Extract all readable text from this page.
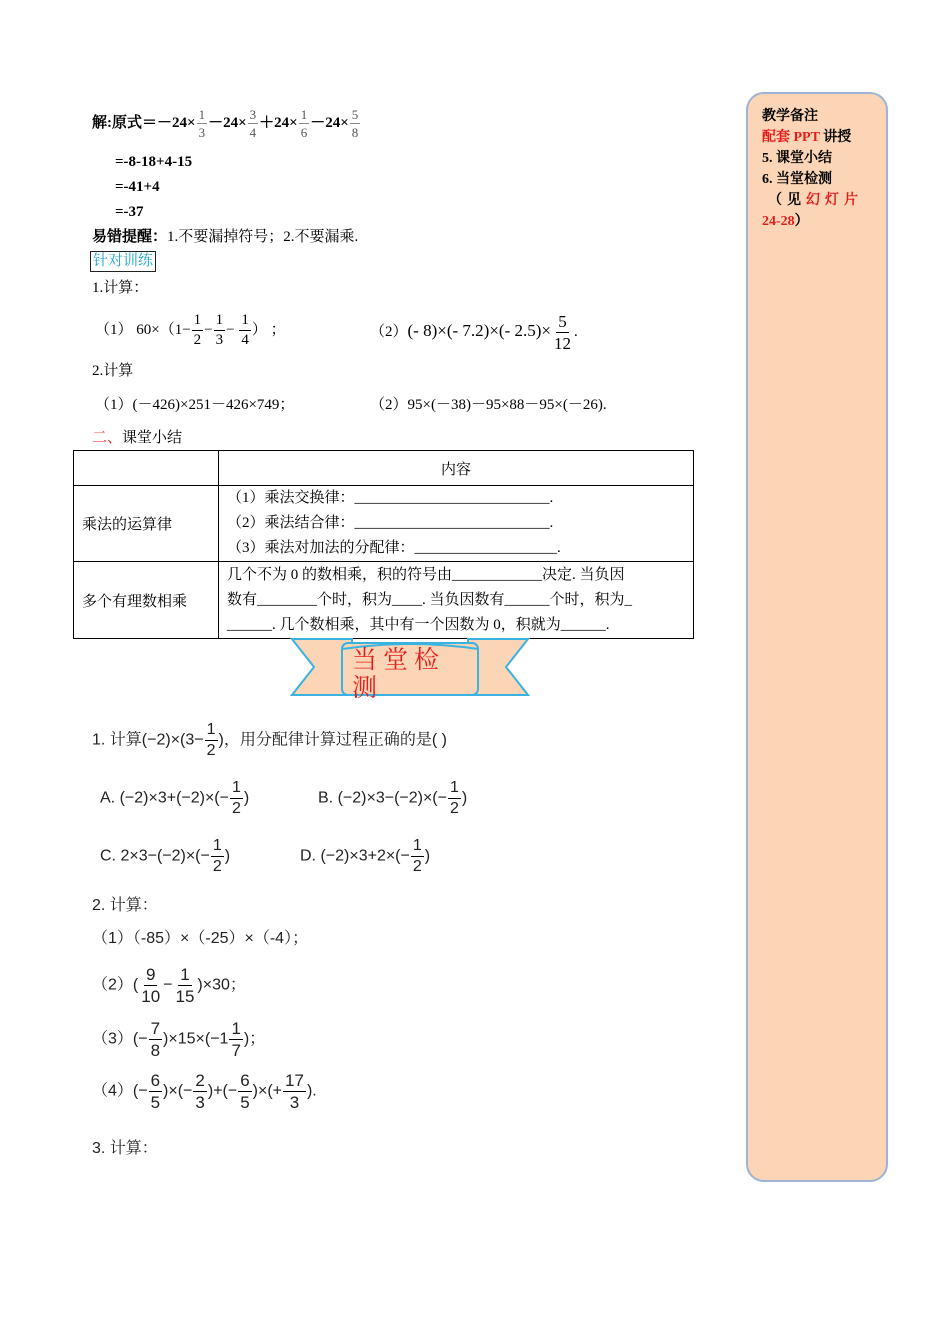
解:原式$=-24\times \frac{1}{3} -24\times \frac{3}{4} +24\times \frac{1}{6} -24\times \frac{5}{8}$
=-8-18+4-15
=-41+4
=-37
易错提醒：1.不要漏掉符号；2.不要漏乘.
针对训练
1.计算：
（1） $60\times(1- \frac{1}{2} - \frac{1}{3} - \frac{1}{4}$ ） ；	（2）(- 8)×(- 7.2)×(- $2.5)\times \frac{5}{12}$ .
2.计算
（1）(－426)×251－426×749；	（2）95×(－38)－95×88－95×(－26).
二、课堂小结
	内容
乘法的运算律	（1）乘法交换律：__________________________.
（2）乘法结合律：__________________________.
（3）乘法对加法的分配律：___________________.

多个有理数相乘	几个不为 0 的数相乘，积的符号由____________决定. 当负因
数有________个时，积为____. 当负因数有______个时，积为_
______. 几个数相乘，其中有一个因数为 0，积就为______.
当堂检测
1. 计算$(-2)\times(3- \frac{1}{2}$ )，用分配律计算过程正确的是( )
A. $(-2)\times 3+(-2)\times(- \frac{1}{2}$ )	B. $(-2)\times 3-(-2)\times(- \frac{1}{2}$ )
C. $2\times 3-(-2)\times(- \frac{1}{2}$ )	D. $(-2)\times 3+2\times(- \frac{1}{2}$ )
2. 计算：
（1）（-85）×（-25）×（-4）；
$(2)( \frac{9}{10} - \frac{1}{15} )\times 30$；
$(3)(- \frac{7}{8} )\times 15\times(-1 \frac{1}{7}$ )；
$(4)(- \frac{6}{5}$ )×(− $\frac{2}{3}$ )+(− $\frac{6}{5}$ )×(+ $\frac{17}{3}$ ).
3. 计算：
教学备注
配套 PPT 讲授
5. 课堂小结
6. 当堂检测
（见幻灯片
24-28）
